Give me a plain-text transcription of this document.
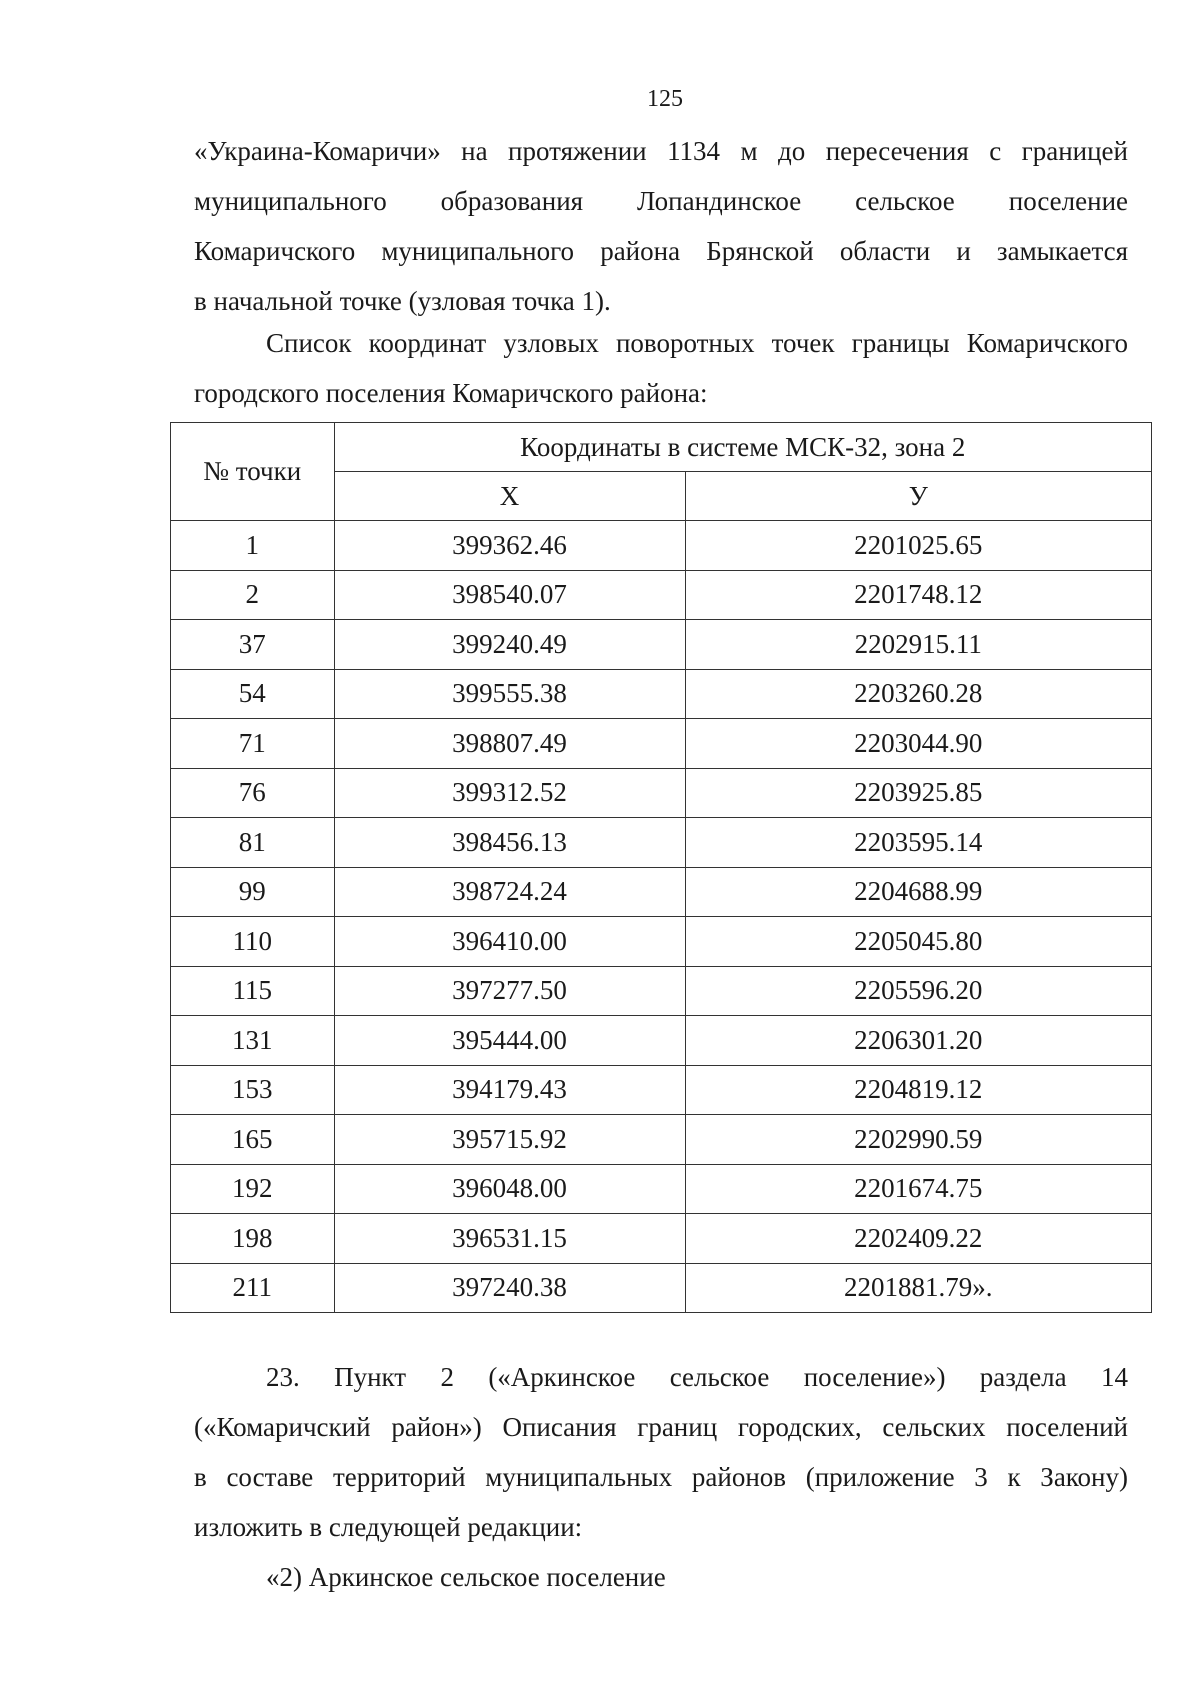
125
«Украина-Комаричи» на протяжении 1134 м до пересечения с границей
муниципального образования Лопандинское сельское поселение
Комаричского муниципального района Брянской области и замыкается
в начальной точке (узловая точка 1).
Список координат узловых поворотных точек границы Комаричского
городского поселения Комаричского района:
№ точки	Координаты в системе МСК-32, зона 2	
	X	У
1	399362.46	2201025.65
2	398540.07	2201748.12
37	399240.49	2202915.11
54	399555.38	2203260.28
71	398807.49	2203044.90
76	399312.52	2203925.85
81	398456.13	2203595.14
99	398724.24	2204688.99
110	396410.00	2205045.80
115	397277.50	2205596.20
131	395444.00	2206301.20
153	394179.43	2204819.12
165	395715.92	2202990.59
192	396048.00	2201674.75
198	396531.15	2202409.22
211	397240.38	2201881.79».
23. Пункт 2 («Аркинское сельское поселение») раздела 14
(«Комаричский район») Описания границ городских, сельских поселений
в составе территорий муниципальных районов (приложение 3 к Закону)
изложить в следующей редакции:
«2) Аркинское сельское поселение
